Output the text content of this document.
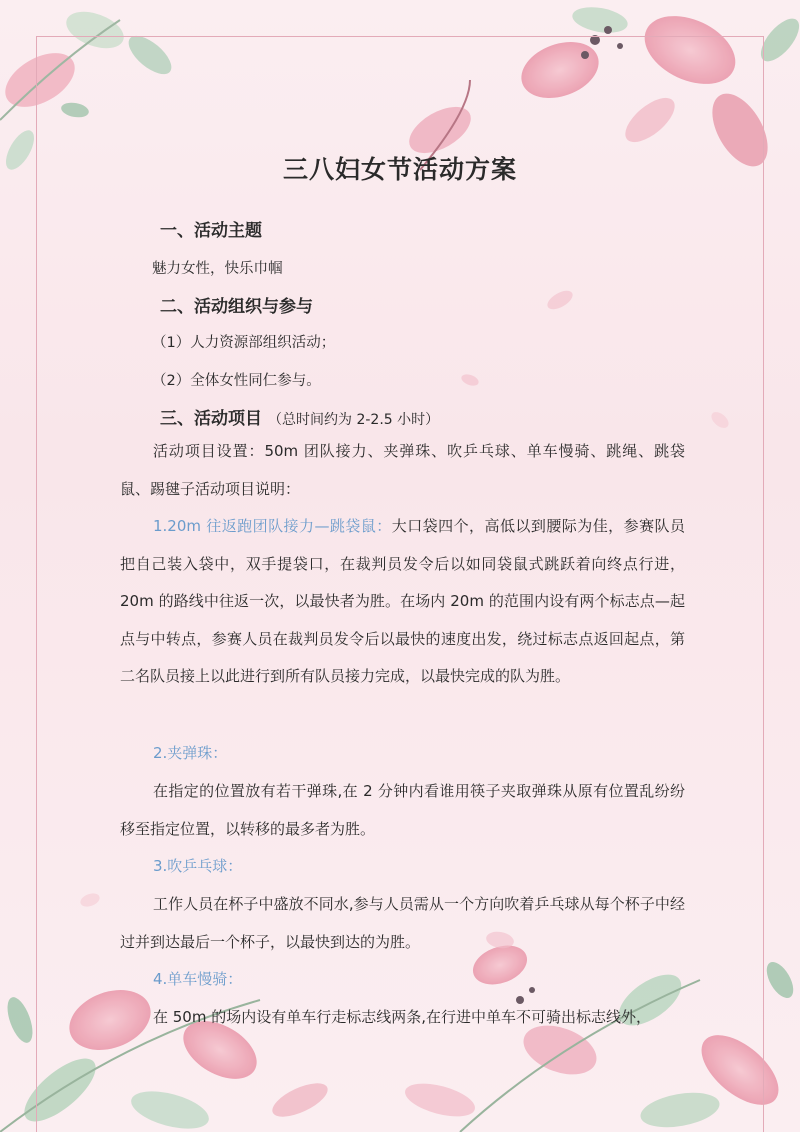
三八妇女节活动方案
一、活动主题
魅力女性，快乐巾帼
二、活动组织与参与
（1）人力资源部组织活动；
（2）全体女性同仁参与。
三、活动项目 （总时间约为 2-2.5 小时）
活动项目设置：50m 团队接力、夹弹珠、吹乒乓球、单车慢骑、跳绳、跳袋鼠、踢毽子活动项目说明：
1.20m 往返跑团队接力—跳袋鼠：大口袋四个，高低以到腰际为佳，参赛队员把自己装入袋中，双手提袋口，在裁判员发令后以如同袋鼠式跳跃着向终点行进，20m 的路线中往返一次，以最快者为胜。在场内 20m 的范围内设有两个标志点—起点与中转点，参赛人员在裁判员发令后以最快的速度出发，绕过标志点返回起点，第二名队员接上以此进行到所有队员接力完成，以最快完成的队为胜。
2.夹弹珠：
在指定的位置放有若干弹珠,在 2 分钟内看谁用筷子夹取弹珠从原有位置乱纷纷移至指定位置，以转移的最多者为胜。
3.吹乒乓球：
工作人员在杯子中盛放不同水,参与人员需从一个方向吹着乒乓球从每个杯子中经过并到达最后一个杯子，以最快到达的为胜。
4.单车慢骑：
在 50m 的场内设有单车行走标志线两条,在行进中单车不可骑出标志线外，
